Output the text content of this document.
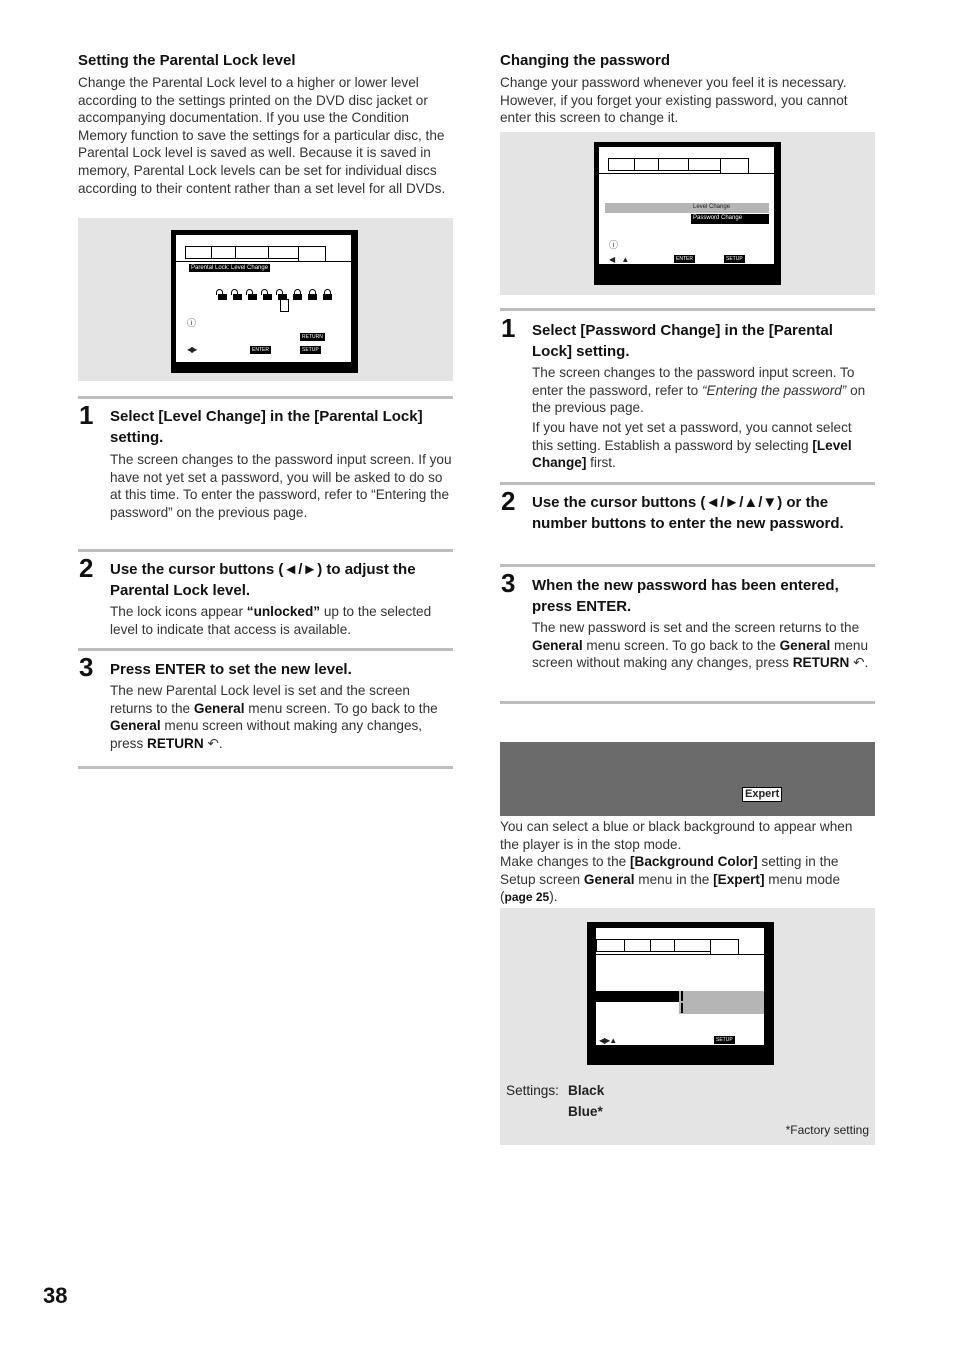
Setting the Parental Lock level
Change the Parental Lock level to a higher or lower level according to the settings printed on the DVD disc jacket or accompanying documentation. If you use the Condition Memory function to save the settings for a particular disc, the Parental Lock level is saved as well. Because it is saved in memory, Parental Lock levels can be set for individual discs according to their content rather than a set level for all DVDs.
Parental Lock: Level Change
ⓘ
RETURN
◀▶	ENTER	SETUP
1 Select [Level Change] in the [Parental Lock] setting.
The screen changes to the password input screen. If you have not yet set a password, you will be asked to do so at this time. To enter the password, refer to “Entering the password” on the previous page.
2 Use the cursor buttons (◄/►) to adjust the Parental Lock level.
The lock icons appear “unlocked” up to the selected level to indicate that access is available.
3 Press ENTER to set the new level.
The new Parental Lock level is set and the screen returns to the General menu screen. To go back to the General menu screen without making any changes, press RETURN ↶.
Changing the password
Change your password whenever you feel it is necessary. However, if you forget your existing password, you cannot enter this screen to change it.
Level Change
Password Change
ⓘ
◀ ▲	ENTER	SETUP
1 Select [Password Change] in the [Parental Lock] setting.
The screen changes to the password input screen. To enter the password, refer to “Entering the password” on the previous page.
If you have not yet set a password, you cannot select this setting. Establish a password by selecting [Level Change] first.
2 Use the cursor buttons (◄/►/▲/▼) or the number buttons to enter the new password.
3 When the new password has been entered, press ENTER.
The new password is set and the screen returns to the General menu screen. To go back to the General menu screen without making any changes, press RETURN ↶.
Expert
You can select a blue or black background to appear when the player is in the stop mode.
Make changes to the [Background Color] setting in the Setup screen General menu in the [Expert] menu mode (page 25).
◀▶▲	SETUP
Settings: Black
Blue*
*Factory setting
38
